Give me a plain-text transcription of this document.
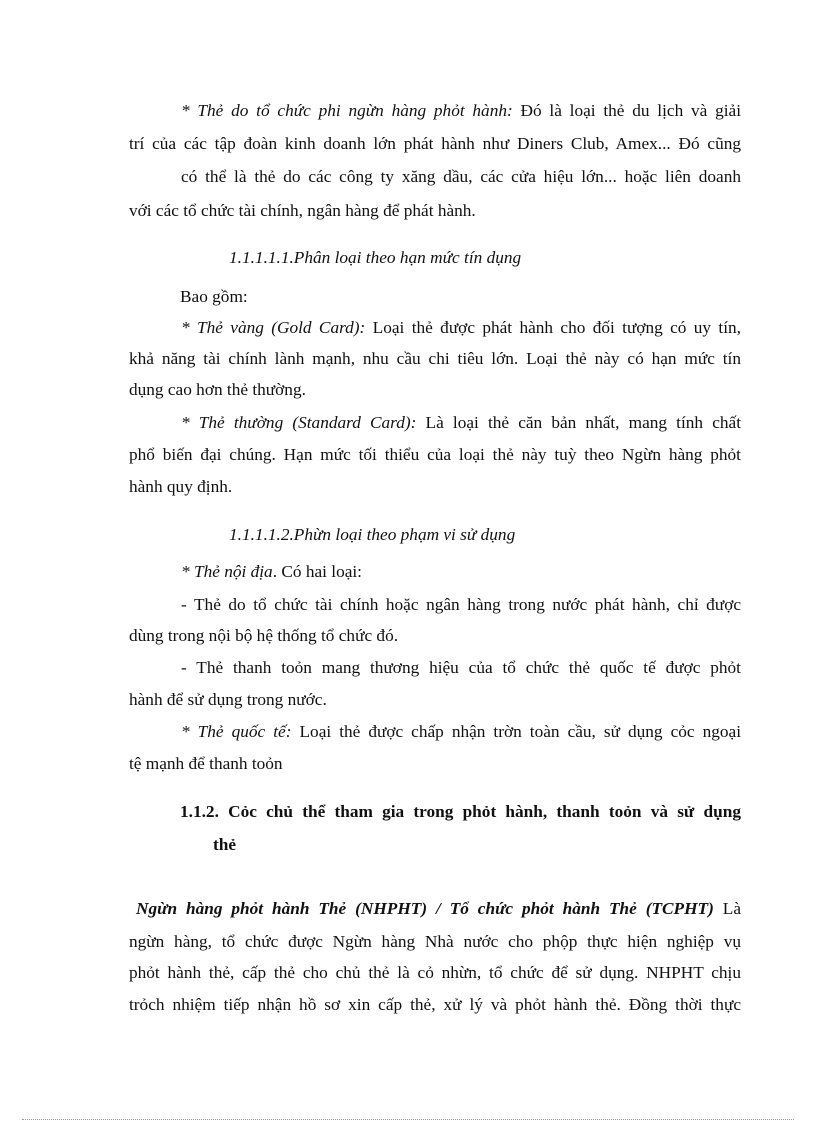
* Thẻ do tổ chức phi ngừn hàng phỏt hành: Đó là loại thẻ du lịch và giải

trí của các tập đoàn kinh doanh lớn phát hành như Diners Club, Amex... Đó cũng

có thể là thẻ do các công ty xăng dầu, các cửa hiệu lớn... hoặc liên doanh

với các tổ chức tài chính, ngân hàng để phát hành.

1.1.1.1.1.Phân loại theo hạn mức tín dụng

Bao gồm:

* Thẻ vàng (Gold Card): Loại thẻ được phát hành cho đối tượng có uy tín,

khả năng tài chính lành mạnh, nhu cầu chi tiêu lớn. Loại thẻ này có hạn mức tín

dụng cao hơn thẻ thường.

* Thẻ thường (Standard Card): Là loại thẻ căn bản nhất, mang tính chất

phổ biến đại chúng. Hạn mức tối thiểu của loại thẻ này tuỳ theo Ngừn hàng phỏt

hành quy định.

1.1.1.1.2.Phừn loại theo phạm vi sử dụng

* Thẻ nội địa. Có hai loại:

- Thẻ do tổ chức tài chính hoặc ngân hàng trong nước phát hành, chỉ được

dùng trong nội bộ hệ thống tổ chức đó.

- Thẻ thanh toỏn mang thương hiệu của tổ chức thẻ quốc tế được phỏt

hành để sử dụng trong nước.

* Thẻ quốc tế: Loại thẻ được chấp nhận trờn toàn cầu, sử dụng cỏc ngoại

tệ mạnh để thanh toỏn

1.1.2. Cỏc chủ thể tham gia trong phỏt hành, thanh toỏn và sử dụng

thẻ

Ngừn hàng phỏt hành Thẻ (NHPHT) / Tổ chức phỏt hành Thẻ (TCPHT) Là

ngừn hàng, tổ chức được Ngừn hàng Nhà nước cho phộp thực hiện nghiệp vụ

phỏt hành thẻ, cấp thẻ cho chủ thẻ là cỏ nhừn, tổ chức để sử dụng. NHPHT chịu

trỏch nhiệm tiếp nhận hồ sơ xin cấp thẻ, xử lý và phỏt hành thẻ. Đồng thời thực
